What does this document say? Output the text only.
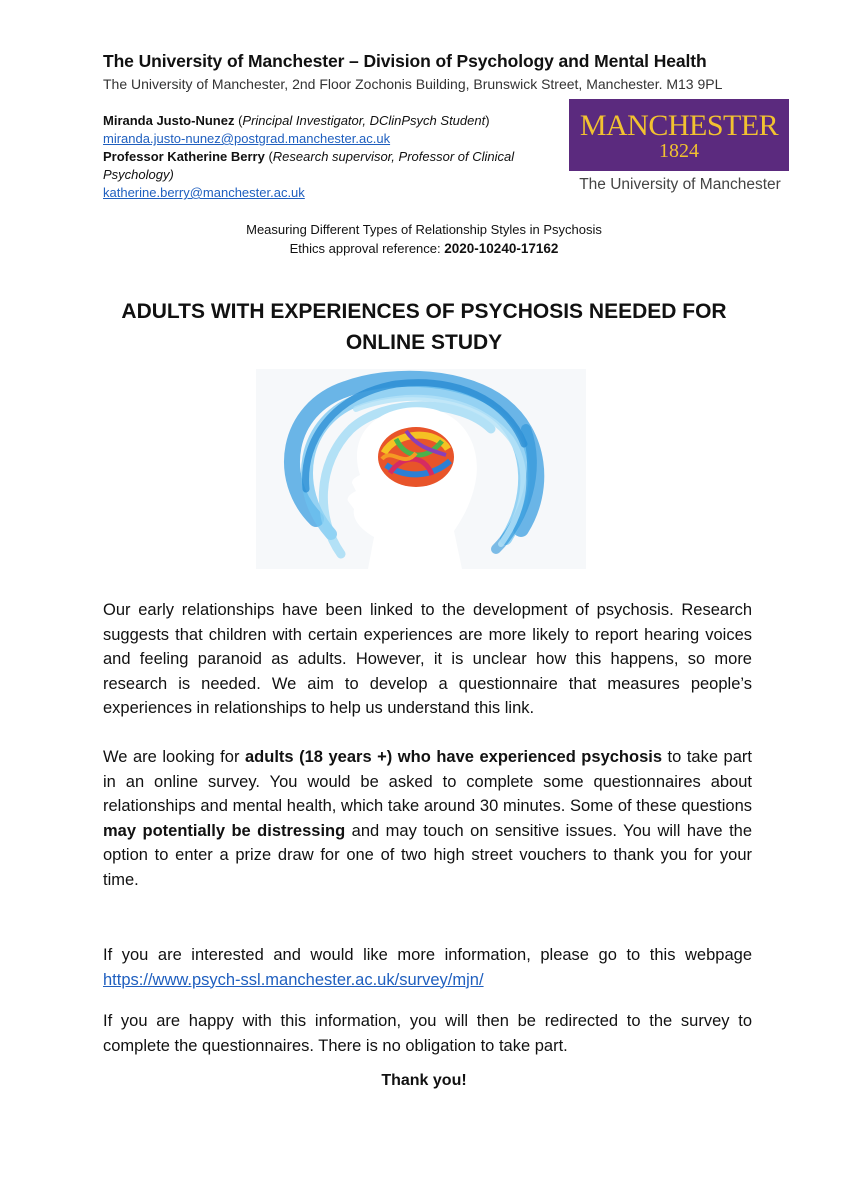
The University of Manchester – Division of Psychology and Mental Health
The University of Manchester, 2nd Floor Zochonis Building, Brunswick Street, Manchester. M13 9PL
Miranda Justo-Nunez (Principal Investigator, DClinPsych Student)
miranda.justo-nunez@postgrad.manchester.ac.uk
Professor Katherine Berry (Research supervisor, Professor of Clinical
Psychology)
katherine.berry@manchester.ac.uk
MANCHESTER
1824
The University of Manchester
Measuring Different Types of Relationship Styles in Psychosis
Ethics approval reference: 2020-10240-17162
ADULTS WITH EXPERIENCES OF PSYCHOSIS NEEDED FOR
ONLINE STUDY
Our early relationships have been linked to the development of psychosis. Research suggests that children with certain experiences are more likely to report hearing voices and feeling paranoid as adults. However, it is unclear how this happens, so more research is needed. We aim to develop a questionnaire that measures people’s experiences in relationships to help us understand this link.
We are looking for adults (18 years +) who have experienced psychosis to take part in an online survey. You would be asked to complete some questionnaires about relationships and mental health, which take around 30 minutes. Some of these questions may potentially be distressing and may touch on sensitive issues. You will have the option to enter a prize draw for one of two high street vouchers to thank you for your time.
If you are interested and would like more information, please go to this webpage https://www.psych-ssl.manchester.ac.uk/survey/mjn/
If you are happy with this information, you will then be redirected to the survey to complete the questionnaires. There is no obligation to take part.
Thank you!
